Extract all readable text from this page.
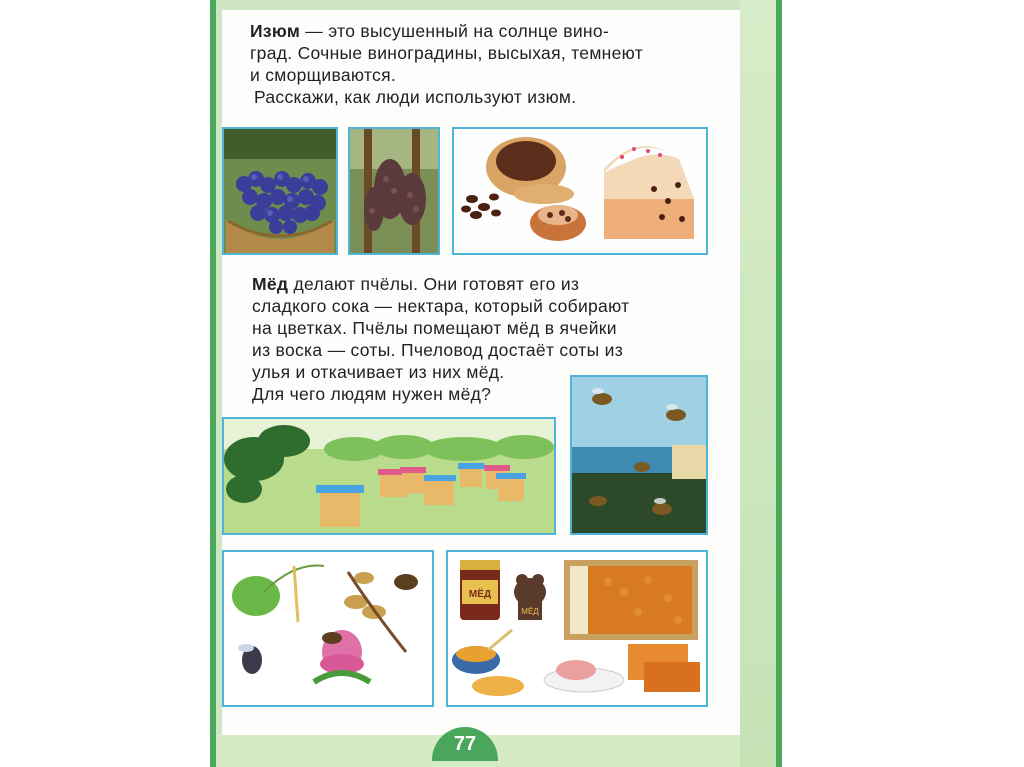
Изюм — это высушенный на солнце вино-
град. Сочные виноградины, высыхая, темнеют
и сморщиваются.
Расскажи, как люди используют изюм.
Мёд делают пчёлы. Они готовят его из
сладкого сока — нектара, который собирают
на цветках. Пчёлы помещают мёд в ячейки
из воска — соты. Пчеловод достаёт соты из
улья и откачивает из них мёд.
Для чего людям нужен мёд?
МЁД
МЁД
77
